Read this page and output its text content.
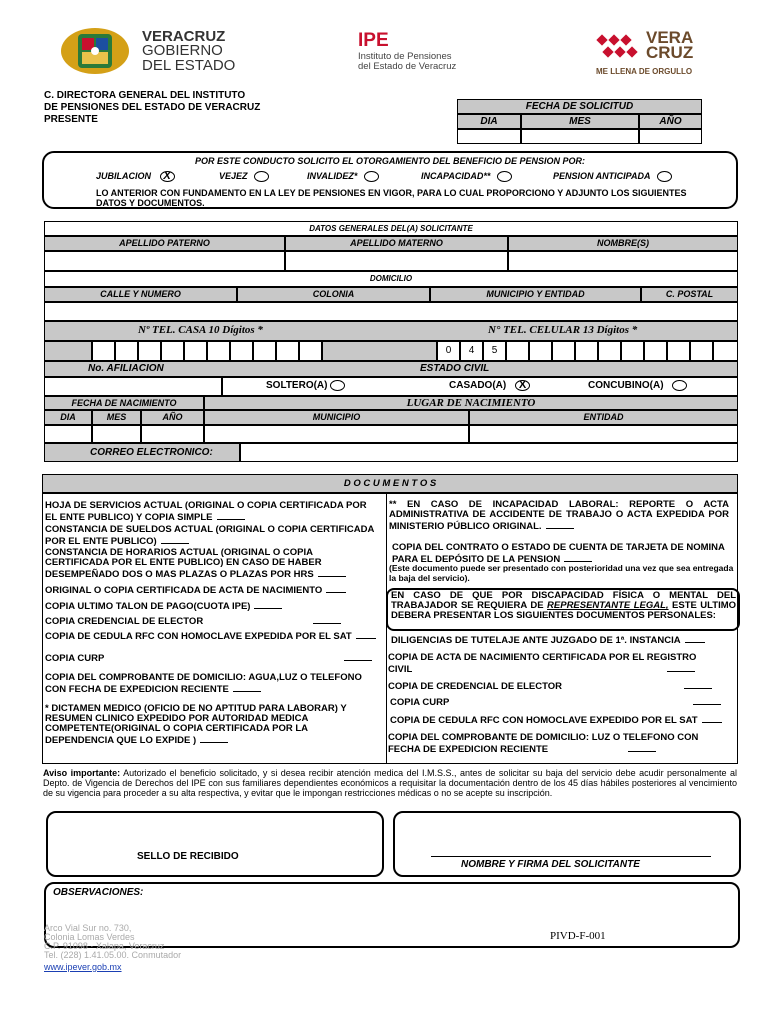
VERACRUZ
GOBIERNO
DEL ESTADO
IPE
Instituto de Pensiones
del Estado de Veracruz
VERA
CRUZ
ME LLENA DE ORGULLO
C. DIRECTORA GENERAL DEL INSTITUTO
DE PENSIONES DEL ESTADO DE VERACRUZ
PRESENTE
FECHA DE SOLICITUD
DIA	MES	AÑO
POR ESTE CONDUCTO SOLICITO EL OTORGAMIENTO DEL BENEFICIO DE PENSION POR:
JUBILACION X	VEJEZ	INVALIDEZ*	INCAPACIDAD**	PENSION ANTICIPADA
LO ANTERIOR CON FUNDAMENTO EN LA LEY DE PENSIONES EN VIGOR, PARA LO CUAL PROPORCIONO Y ADJUNTO LOS SIGUIENTES DATOS Y DOCUMENTOS.
DATOS GENERALES DEL(A) SOLICITANTE
APELLIDO PATERNO	APELLIDO MATERNO	NOMBRE(S)
DOMICILIO
CALLE Y NUMERO	COLONIA	MUNICIPIO Y ENTIDAD	C. POSTAL
Nº TEL. CASA 10 Dígitos *	N° TEL. CELULAR 13 Dígitos *
0	4	5
No. AFILIACION	ESTADO CIVIL
SOLTERO(A)	CASADO(A) X	CONCUBINO(A)
FECHA DE NACIMIENTO	LUGAR DE NACIMIENTO
DIA	MES	AÑO	MUNICIPIO	ENTIDAD
CORREO ELECTRONICO:
D O C U M E N T O S
HOJA DE SERVICIOS ACTUAL (ORIGINAL O COPIA CERTIFICADA POR EL ENTE PUBLICO) Y COPIA SIMPLE
CONSTANCIA DE SUELDOS ACTUAL (ORIGINAL O COPIA CERTIFICADA POR EL ENTE PUBLICO)
CONSTANCIA DE HORARIOS ACTUAL (ORIGINAL O COPIA CERTIFICADA POR EL ENTE PUBLICO) EN CASO DE HABER DESEMPEÑADO DOS O MAS PLAZAS O PLAZAS POR HRS
ORIGINAL O COPIA CERTIFICADA DE ACTA DE NACIMIENTO
COPIA ULTIMO TALON DE PAGO(CUOTA IPE)
COPIA CREDENCIAL DE ELECTOR
COPIA DE CEDULA RFC CON HOMOCLAVE EXPEDIDA POR EL SAT
COPIA CURP
COPIA DEL COMPROBANTE DE DOMICILIO: AGUA,LUZ O TELEFONO CON FECHA DE EXPEDICION RECIENTE
* DICTAMEN MEDICO (OFICIO DE NO APTITUD PARA LABORAR) Y RESUMEN CLINICO EXPEDIDO POR AUTORIDAD MEDICA COMPETENTE(ORIGINAL O COPIA CERTIFICADA POR LA DEPENDENCIA QUE LO EXPIDE )
** EN CASO DE INCAPACIDAD LABORAL: REPORTE O ACTA ADMINISTRATIVA DE ACCIDENTE DE TRABAJO O ACTA EXPEDIDA POR MINISTERIO PÚBLICO ORIGINAL.
COPIA DEL CONTRATO O ESTADO DE CUENTA DE TARJETA DE NOMINA PARA EL DEPÓSITO DE LA PENSION
(Este documento puede ser presentado con posterioridad una vez que sea entregada la baja del servicio).
EN CASO DE QUE POR DISCAPACIDAD FÍSICA O MENTAL DEL TRABAJADOR SE REQUIERA DE REPRESENTANTE LEGAL, ESTE ULTIMO DEBERA PRESENTAR LOS SIGUIENTES DOCUMENTOS PERSONALES:
DILIGENCIAS DE TUTELAJE ANTE JUZGADO DE 1ª. INSTANCIA
COPIA DE ACTA DE NACIMIENTO CERTIFICADA POR EL REGISTRO CIVIL
COPIA DE CREDENCIAL DE ELECTOR
COPIA CURP
COPIA DE CEDULA RFC CON HOMOCLAVE EXPEDIDO POR EL SAT
COPIA DEL COMPROBANTE DE DOMICILIO: LUZ O TELEFONO CON FECHA DE EXPEDICION RECIENTE
Aviso importante: Autorizado el beneficio solicitado, y si desea recibir atención medica del I.M.S.S., antes de solicitar su baja del servicio debe acudir personalmente al Depto. de Vigencia de Derechos del IPE con sus familiares dependientes económicos a requisitar la documentación dentro de los 45 días hábiles posteriores al vencimiento de su vigencia para proceder a su alta respectiva, y evitar que le impongan restricciones médicas o no se acepte su inscripción.
SELLO DE RECIBIDO
NOMBRE Y FIRMA DEL SOLICITANTE
OBSERVACIONES:
Arco Vial Sur no. 730,
Colonia Lomas Verdes
C.P. 91098 · Xalapa, Veracruz
Tel. (228) 1.41.05.00. Conmutador
www.ipever.gob.mx
PIVD-F-001
